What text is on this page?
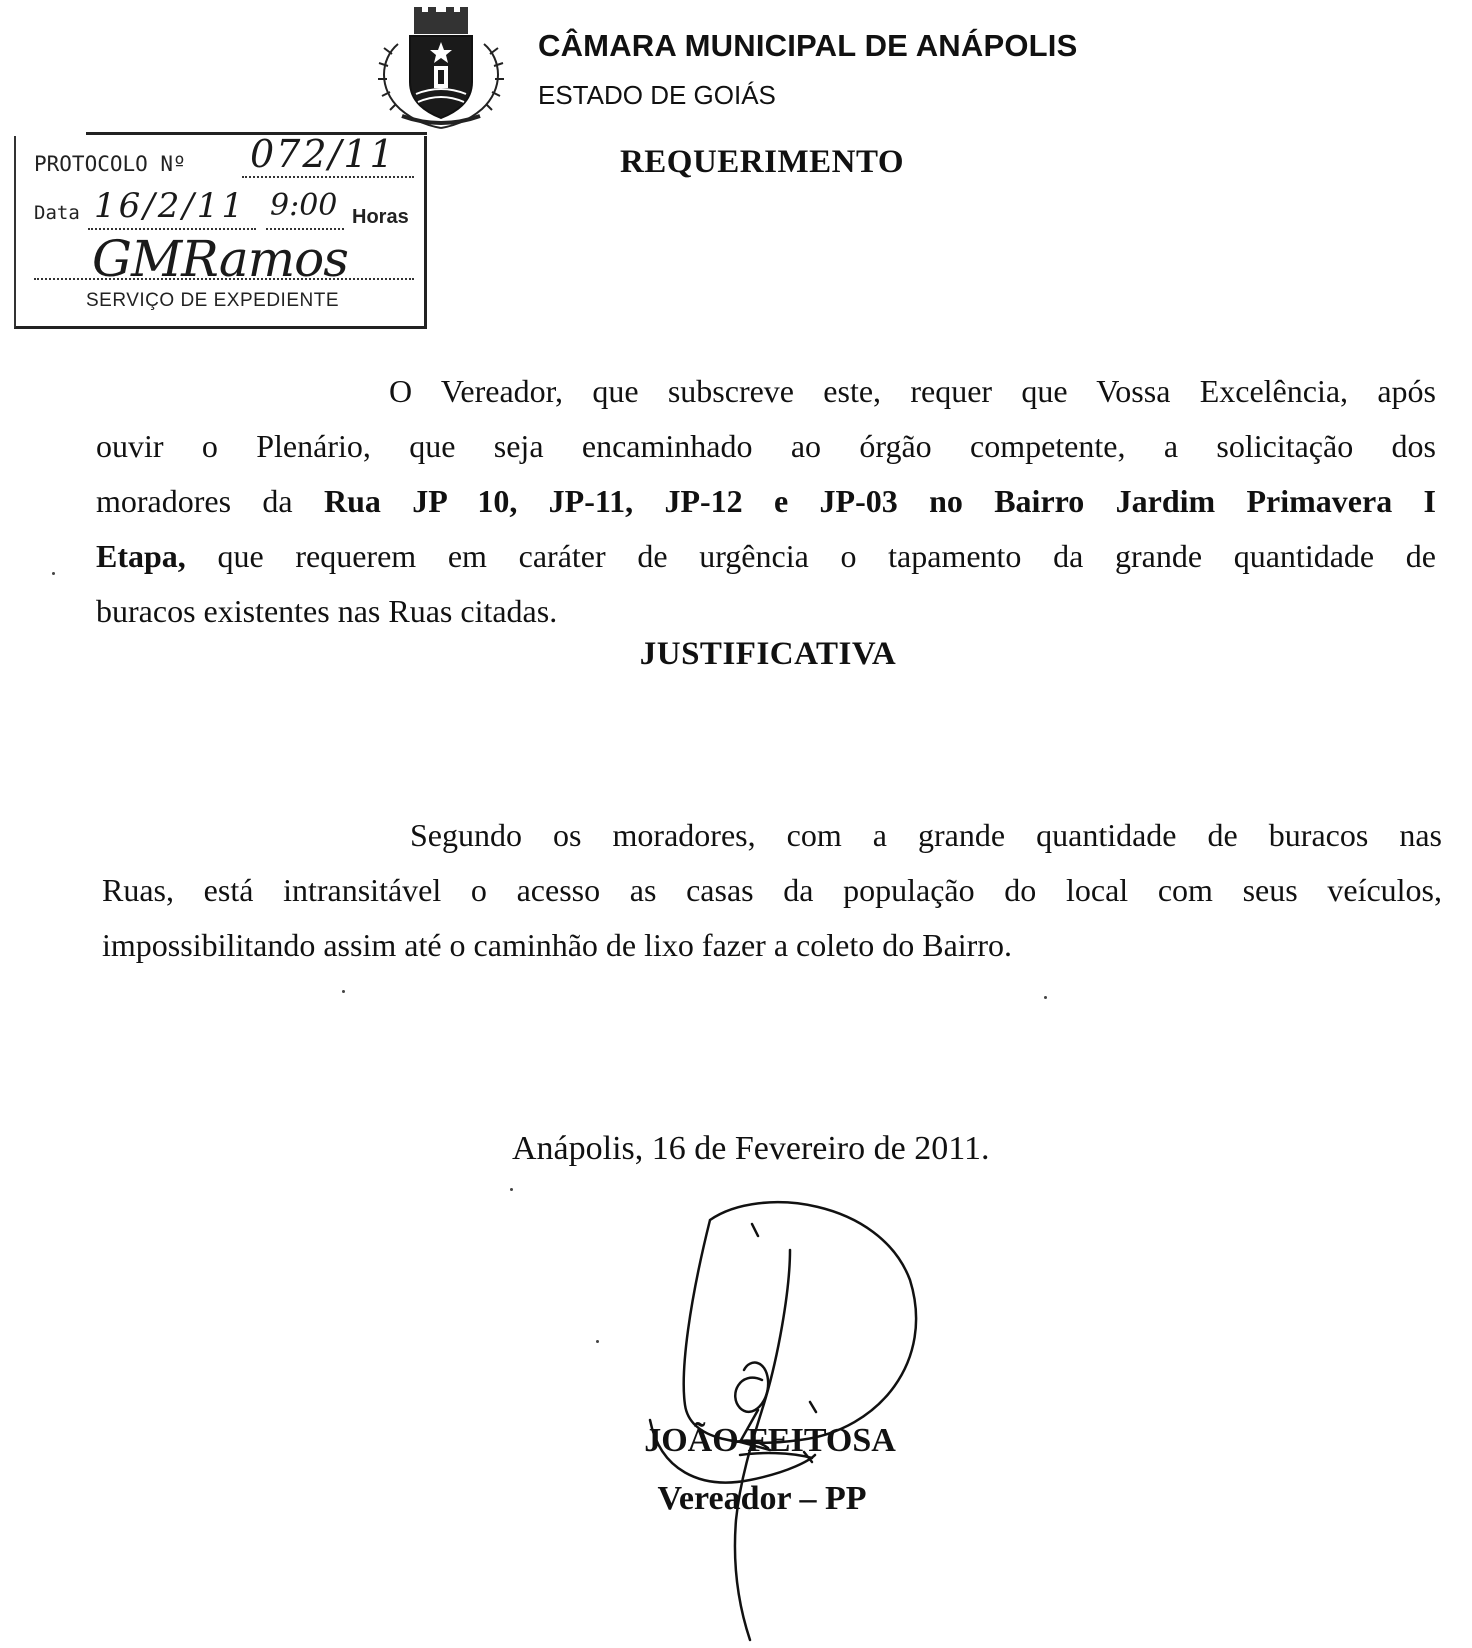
CÂMARA MUNICIPAL DE ANÁPOLIS
ESTADO DE GOIÁS
PROTOCOLO Nº 072/11
Data 16/2/11 9:00 Horas
GMRamos
SERVIÇO DE EXPEDIENTE
REQUERIMENTO
O Vereador, que subscreve este, requer que Vossa Excelência, após
ouvir o Plenário, que seja encaminhado ao órgão competente, a solicitação dos
moradores da Rua JP 10, JP-11, JP-12 e JP-03 no Bairro Jardim Primavera I
Etapa, que requerem em caráter de urgência o tapamento da grande quantidade de
buracos existentes nas Ruas citadas.
JUSTIFICATIVA
Segundo os moradores, com a grande quantidade de buracos nas
Ruas, está intransitável o acesso as casas da população do local com seus veículos,
impossibilitando assim até o caminhão de lixo fazer a coleto do Bairro.
Anápolis, 16 de Fevereiro de 2011.
JOÃO FEITOSA
Vereador – PP
